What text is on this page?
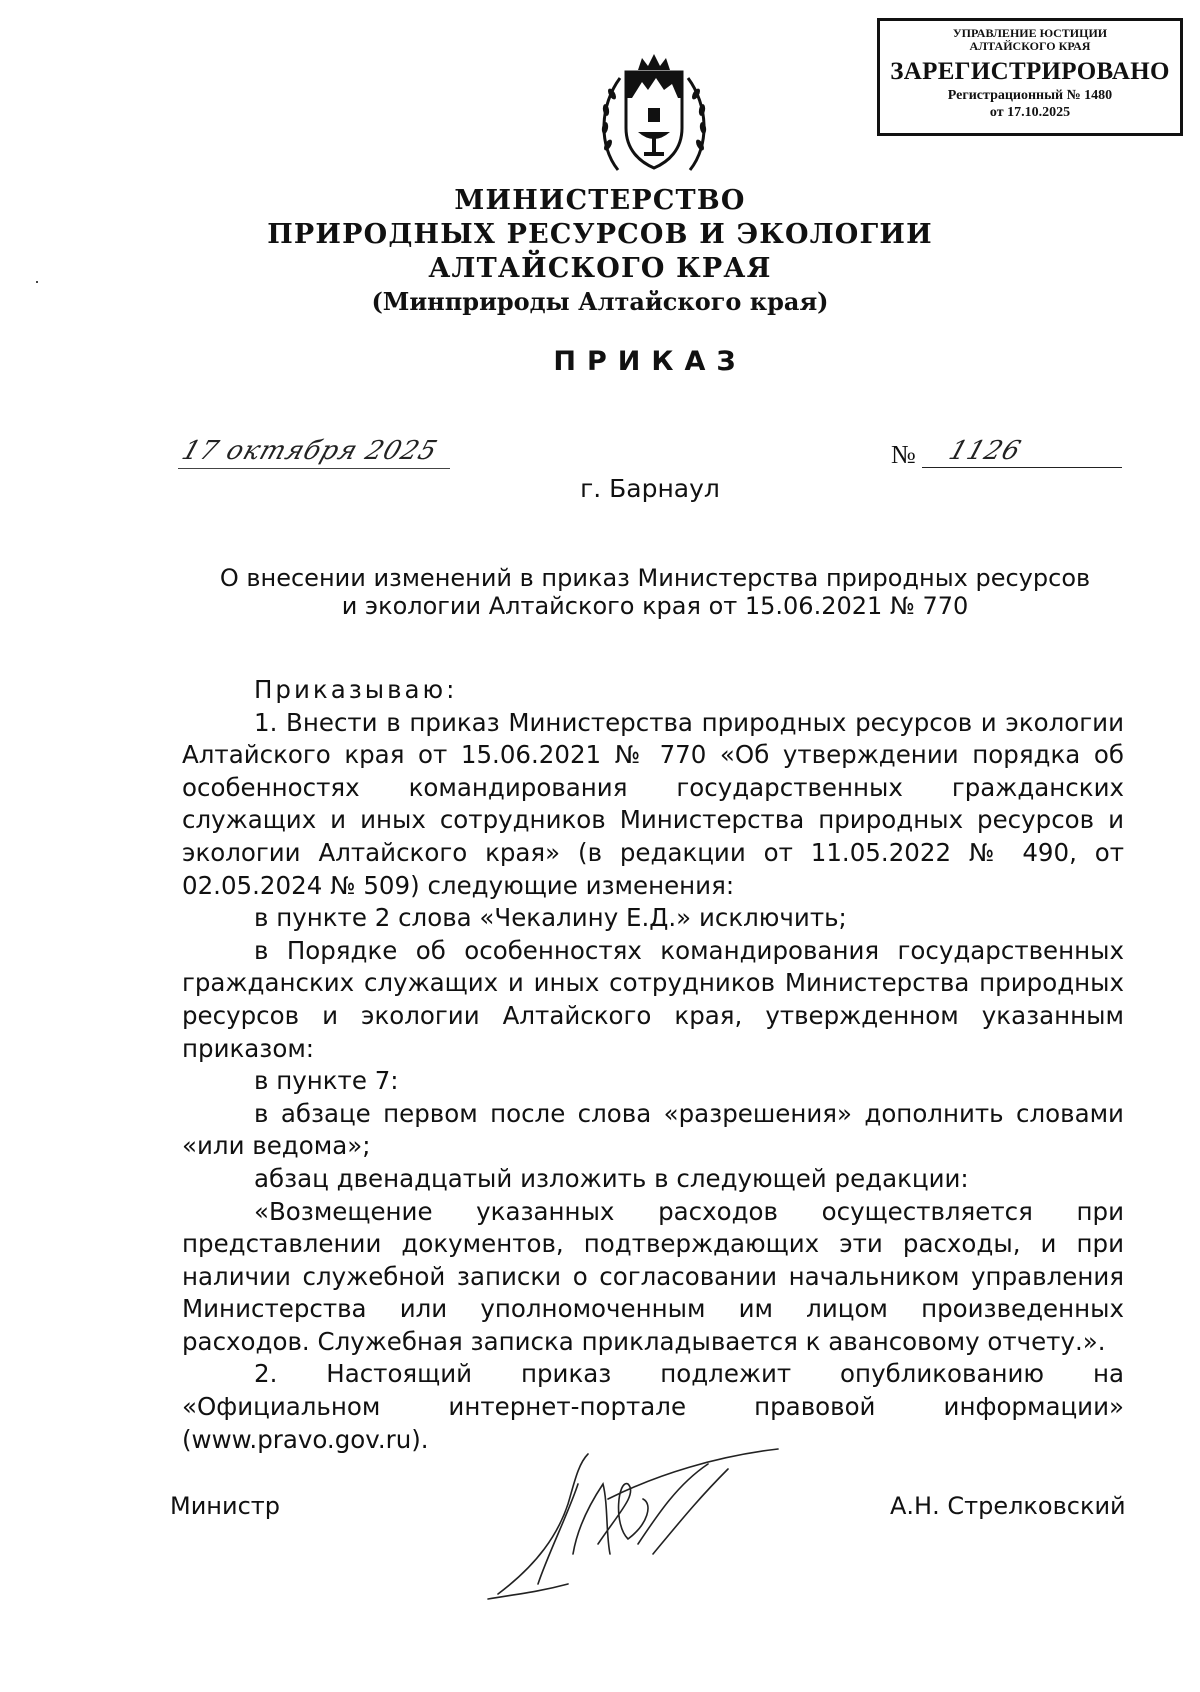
УПРАВЛЕНИЕ ЮСТИЦИИ
АЛТАЙСКОГО КРАЯ
ЗАРЕГИСТРИРОВАНО
Регистрационный № 1480
от 17.10.2025
МИНИСТЕРСТВО
ПРИРОДНЫХ РЕСУРСОВ И ЭКОЛОГИИ
АЛТАЙСКОГО КРАЯ
(Минприроды Алтайского края)
ПРИКАЗ
17 октября 2025	№ 1126
г. Барнаул
О внесении изменений в приказ Министерства природных ресурсов
и экологии Алтайского края от 15.06.2021 № 770

Приказываю:

1. Внести в приказ Министерства природных ресурсов и экологии Алтайского края от 15.06.2021 № 770 «Об утверждении порядка об особенностях командирования государственных гражданских служащих и иных сотрудников Министерства природных ресурсов и экологии Алтайского края» (в редакции от 11.05.2022 № 490, от 02.05.2024 № 509) следующие изменения:

в пункте 2 слова «Чекалину Е.Д.» исключить;

в Порядке об особенностях командирования государственных гражданских служащих и иных сотрудников Министерства природных ресурсов и экологии Алтайского края, утвержденном указанным приказом:

в пункте 7:

в абзаце первом после слова «разрешения» дополнить словами «или ведома»;

абзац двенадцатый изложить в следующей редакции:

«Возмещение указанных расходов осуществляется при представлении документов, подтверждающих эти расходы, и при наличии служебной записки о согласовании начальником управления Министерства или уполномоченным им лицом произведенных расходов. Служебная записка прикладывается к авансовому отчету.».

2. Настоящий приказ подлежит опубликованию на «Официальном интернет-портале правовой информации» (www.pravo.gov.ru).

Министр	А.Н. Стрелковский
